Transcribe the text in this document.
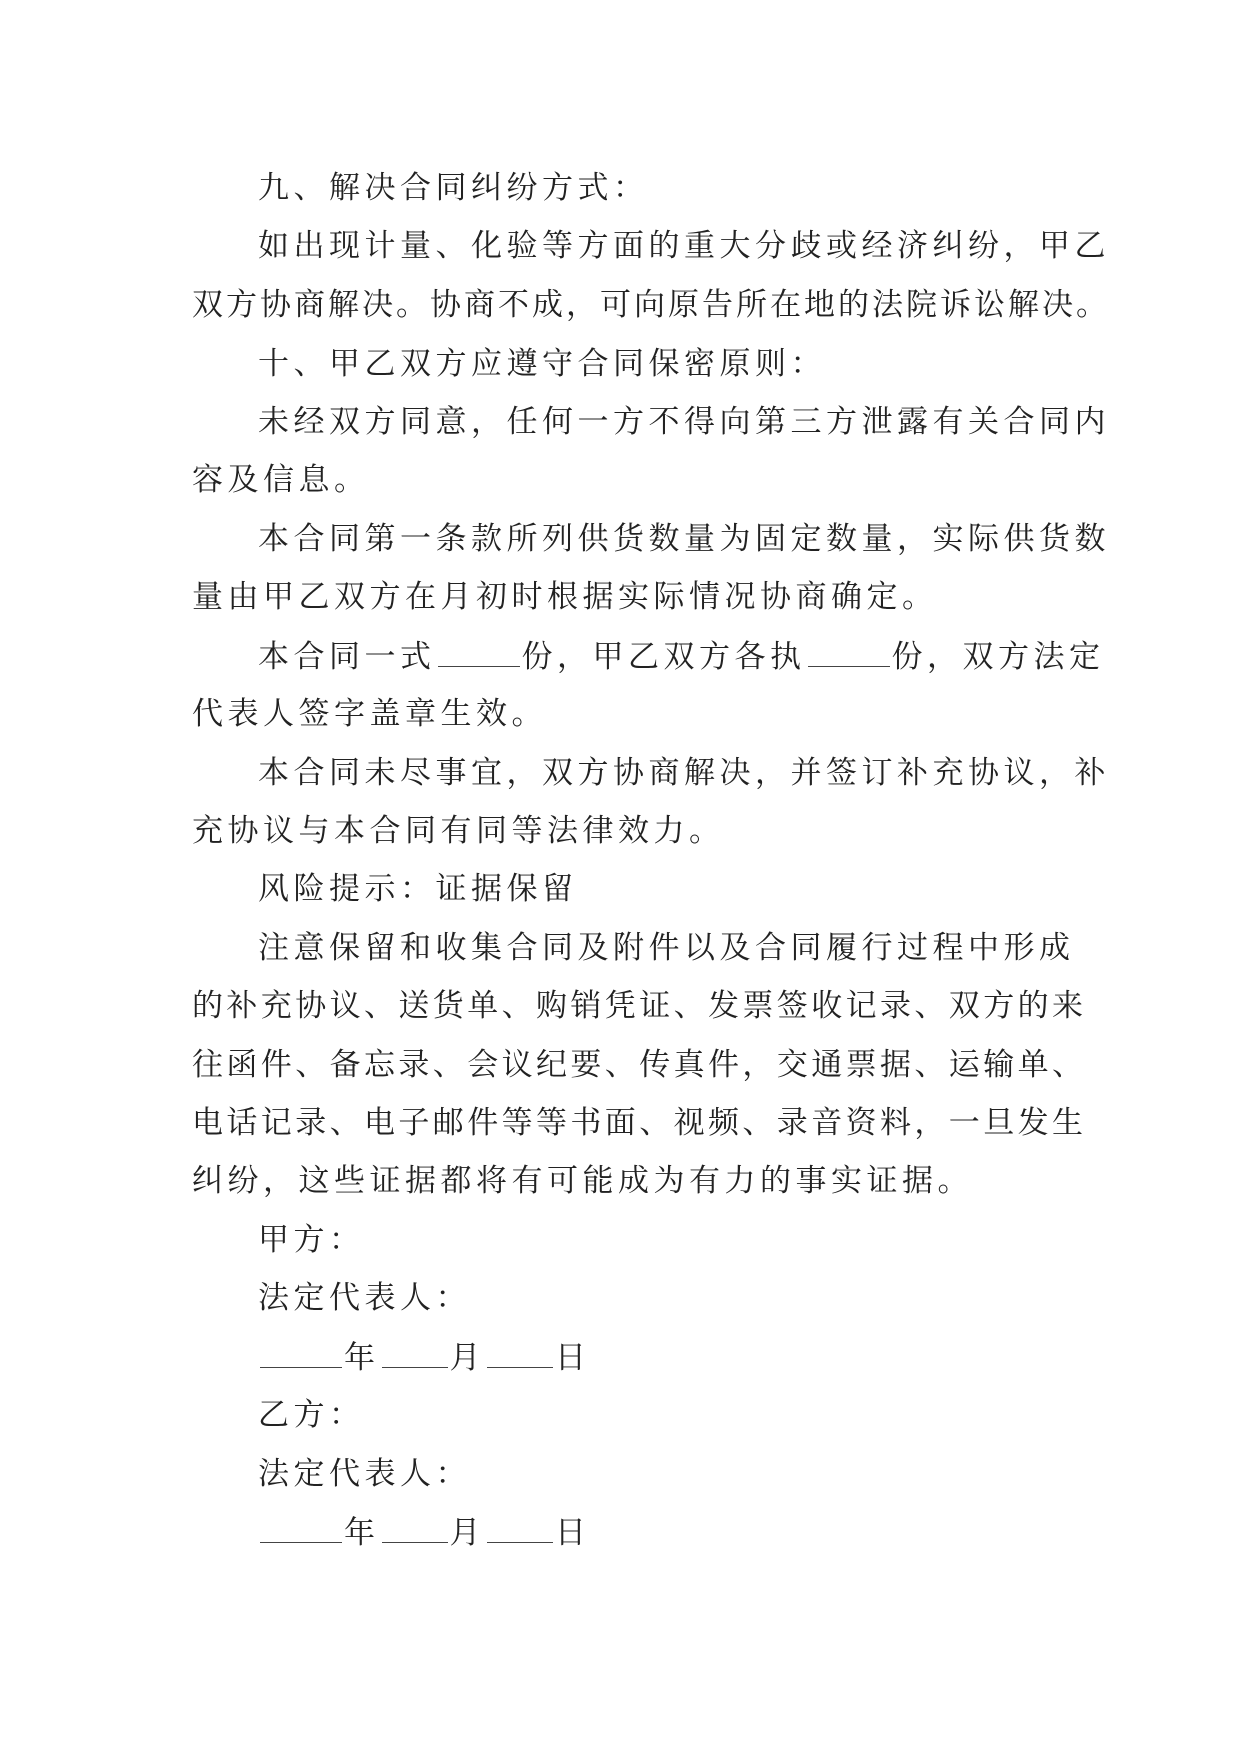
九、解决合同纠纷方式：
如出现计量、化验等方面的重大分歧或经济纠纷，甲乙
双方协商解决。协商不成，可向原告所在地的法院诉讼解决。
十、甲乙双方应遵守合同保密原则：
未经双方同意，任何一方不得向第三方泄露有关合同内
容及信息。
本合同第一条款所列供货数量为固定数量，实际供货数
量由甲乙双方在月初时根据实际情况协商确定。
本合同一式	份，甲乙双方各执	份，双方法定
代表人签字盖章生效。
本合同未尽事宜，双方协商解决，并签订补充协议，补
充协议与本合同有同等法律效力。
风险提示：证据保留
注意保留和收集合同及附件以及合同履行过程中形成
的补充协议、送货单、购销凭证、发票签收记录、双方的来
往函件、备忘录、会议纪要、传真件，交通票据、运输单、
电话记录、电子邮件等等书面、视频、录音资料，一旦发生
纠纷，这些证据都将有可能成为有力的事实证据。
甲方：
法定代表人：
年 月 日
乙方：
法定代表人：
年 月 日
